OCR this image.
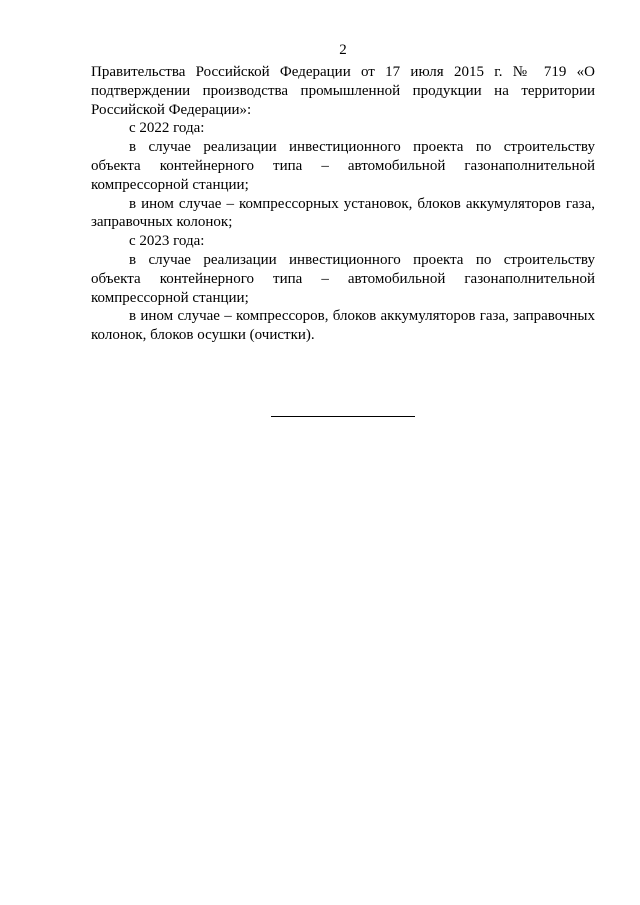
2

Правительства Российской Федерации от 17 июля 2015 г. № 719 «О подтверждении производства промышленной продукции на территории Российской Федерации»:

с 2022 года:

в случае реализации инвестиционного проекта по строительству объекта контейнерного типа – автомобильной газонаполнительной компрессорной станции;

в ином случае – компрессорных установок, блоков аккумуляторов газа, заправочных колонок;

с 2023 года:

в случае реализации инвестиционного проекта по строительству объекта контейнерного типа – автомобильной газонаполнительной компрессорной станции;

в ином случае – компрессоров, блоков аккумуляторов газа, заправочных колонок, блоков осушки (очистки).
